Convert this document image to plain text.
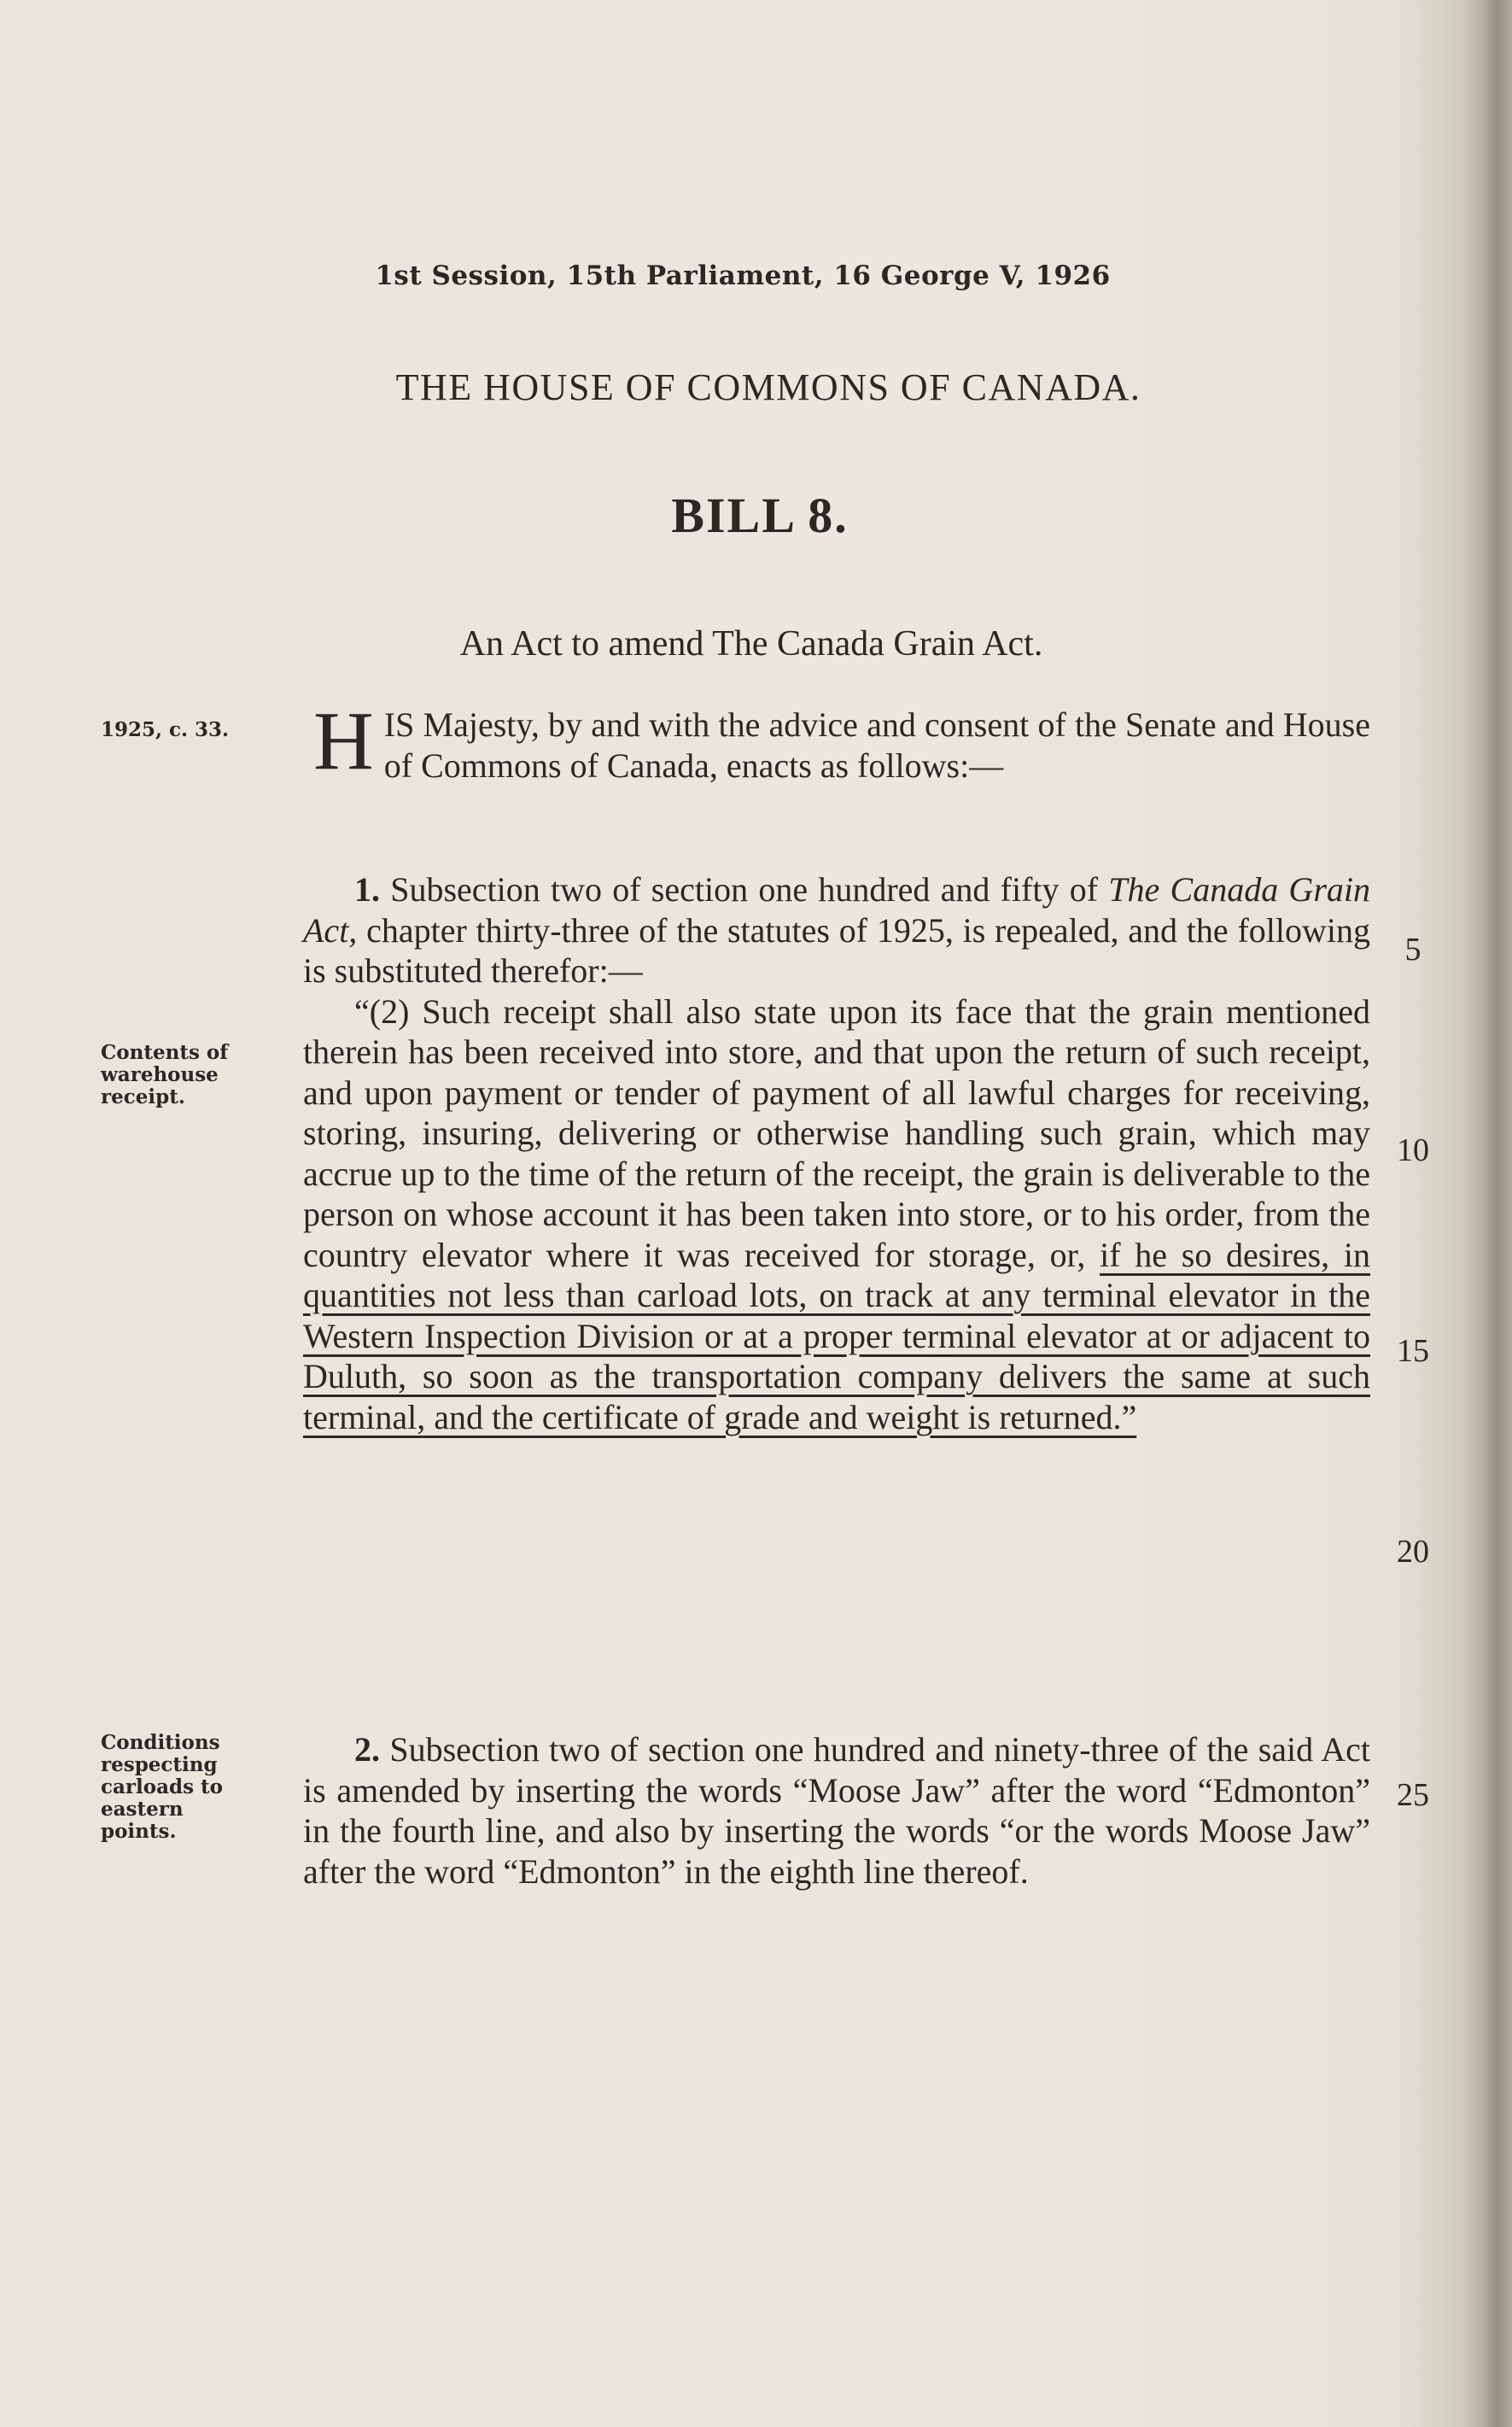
1st Session, 15th Parliament, 16 George V, 1926
THE HOUSE OF COMMONS OF CANADA.
BILL 8.
An Act to amend The Canada Grain Act.
1925, c. 33.
Contents of warehouse receipt.
Conditions respecting carloads to eastern points.

HIS Majesty, by and with the advice and consent of the Senate and House of Commons of Canada, enacts as follows:—

1. Subsection two of section one hundred and fifty of The Canada Grain Act, chapter thirty-three of the statutes of 1925, is repealed, and the following is substituted therefor:—

“(2) Such receipt shall also state upon its face that the grain mentioned therein has been received into store, and that upon the return of such receipt, and upon payment or tender of payment of all lawful charges for receiving, storing, insuring, delivering or otherwise handling such grain, which may accrue up to the time of the return of the receipt, the grain is deliverable to the person on whose account it has been taken into store, or to his order, from the country elevator where it was received for storage, or, if he so desires, in quantities not less than carload lots, on track at any terminal elevator in the Western Inspection Division or at a proper terminal elevator at or adjacent to Duluth, so soon as the transportation company delivers the same at such terminal, and the certificate of grade and weight is returned.”

2. Subsection two of section one hundred and ninety-three of the said Act is amended by inserting the words “Moose Jaw” after the word “Edmonton” in the fourth line, and also by inserting the words “or the words Moose Jaw” after the word “Edmonton” in the eighth line thereof.

5
10
15
20
25
